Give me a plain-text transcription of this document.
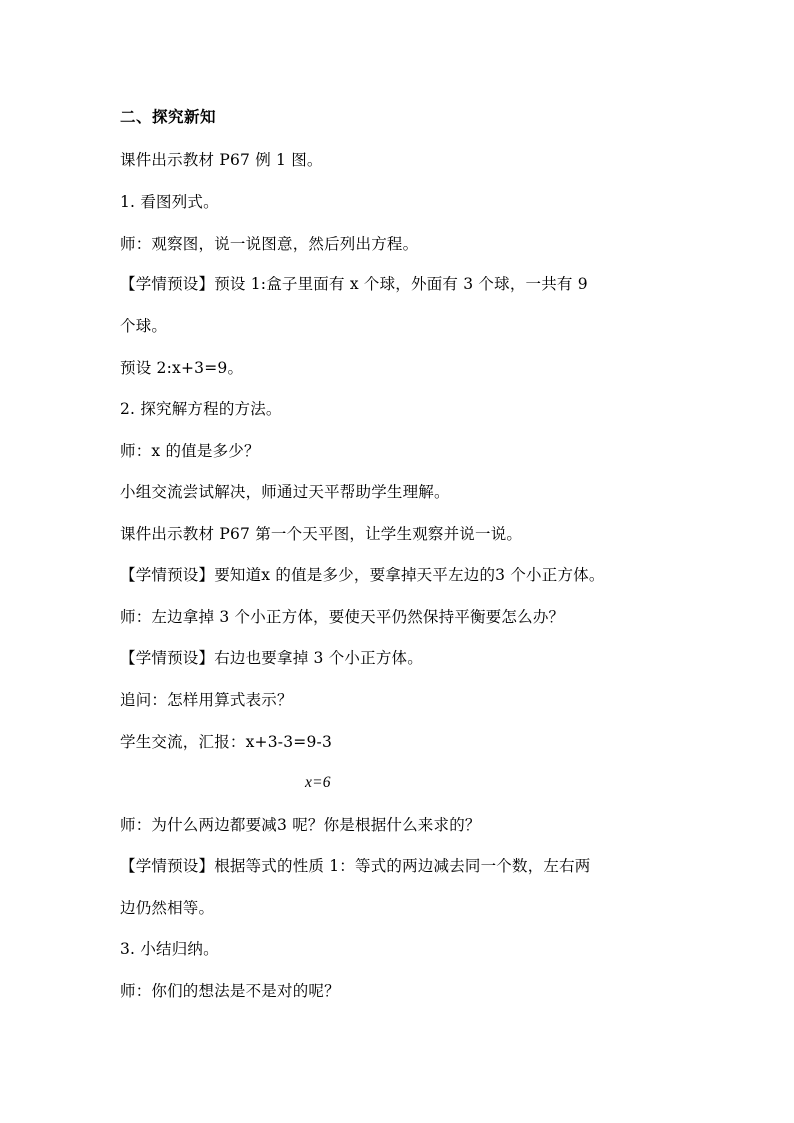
二、探究新知
课件出示教材 P67 例 1 图。
1. 看图列式。
师：观察图，说一说图意，然后列出方程。
【学情预设】预设 1:盒子里面有 x 个球，外面有 3 个球，一共有 9
个球。
预设 2:x+3=9。
2. 探究解方程的方法。
师：x 的值是多少？
小组交流尝试解决，师通过天平帮助学生理解。
课件出示教材 P67 第一个天平图，让学生观察并说一说。
【学情预设】要知道x 的值是多少，要拿掉天平左边的3 个小正方体。
师：左边拿掉 3 个小正方体，要使天平仍然保持平衡要怎么办？
【学情预设】右边也要拿掉 3 个小正方体。
追问：怎样用算式表示？
学生交流，汇报：x+3-3=9-3
x=6
师：为什么两边都要减3 呢？你是根据什么来求的？
【学情预设】根据等式的性质 1：等式的两边减去同一个数，左右两
边仍然相等。
3. 小结归纳。
师：你们的想法是不是对的呢？
